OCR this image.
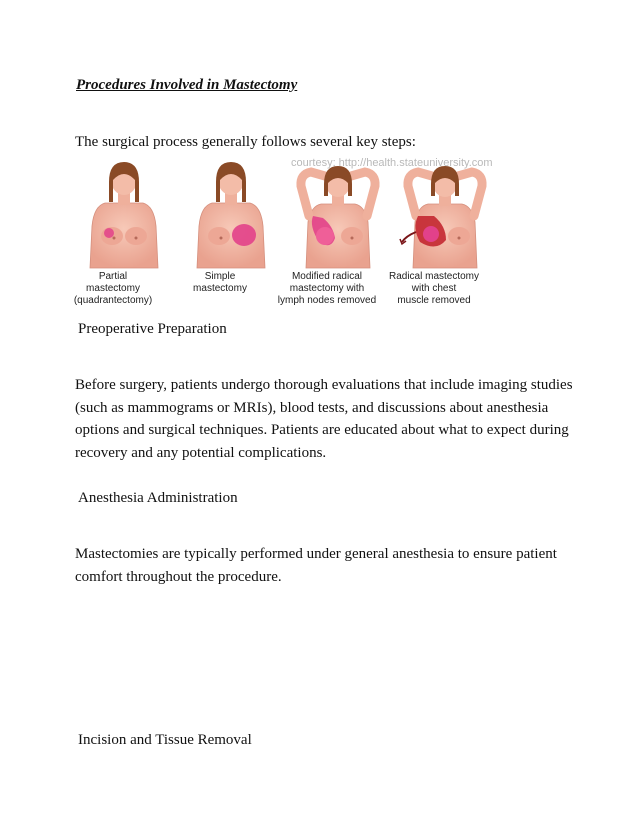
Procedures Involved in Mastectomy

The surgical process generally follows several key steps:

courtesy: http://health.stateuniversity.com
Partial
mastectomy
(quadrantectomy)
Simple
mastectomy
Modified radical
mastectomy with
lymph nodes removed
Radical mastectomy
with chest
muscle removed

Preoperative Preparation

Before surgery, patients undergo thorough evaluations that include imaging studies
(such as mammograms or MRIs), blood tests, and discussions about anesthesia
options and surgical techniques. Patients are educated about what to expect during
recovery and any potential complications.

Anesthesia Administration

Mastectomies are typically performed under general anesthesia to ensure patient
comfort throughout the procedure.

Incision and Tissue Removal
